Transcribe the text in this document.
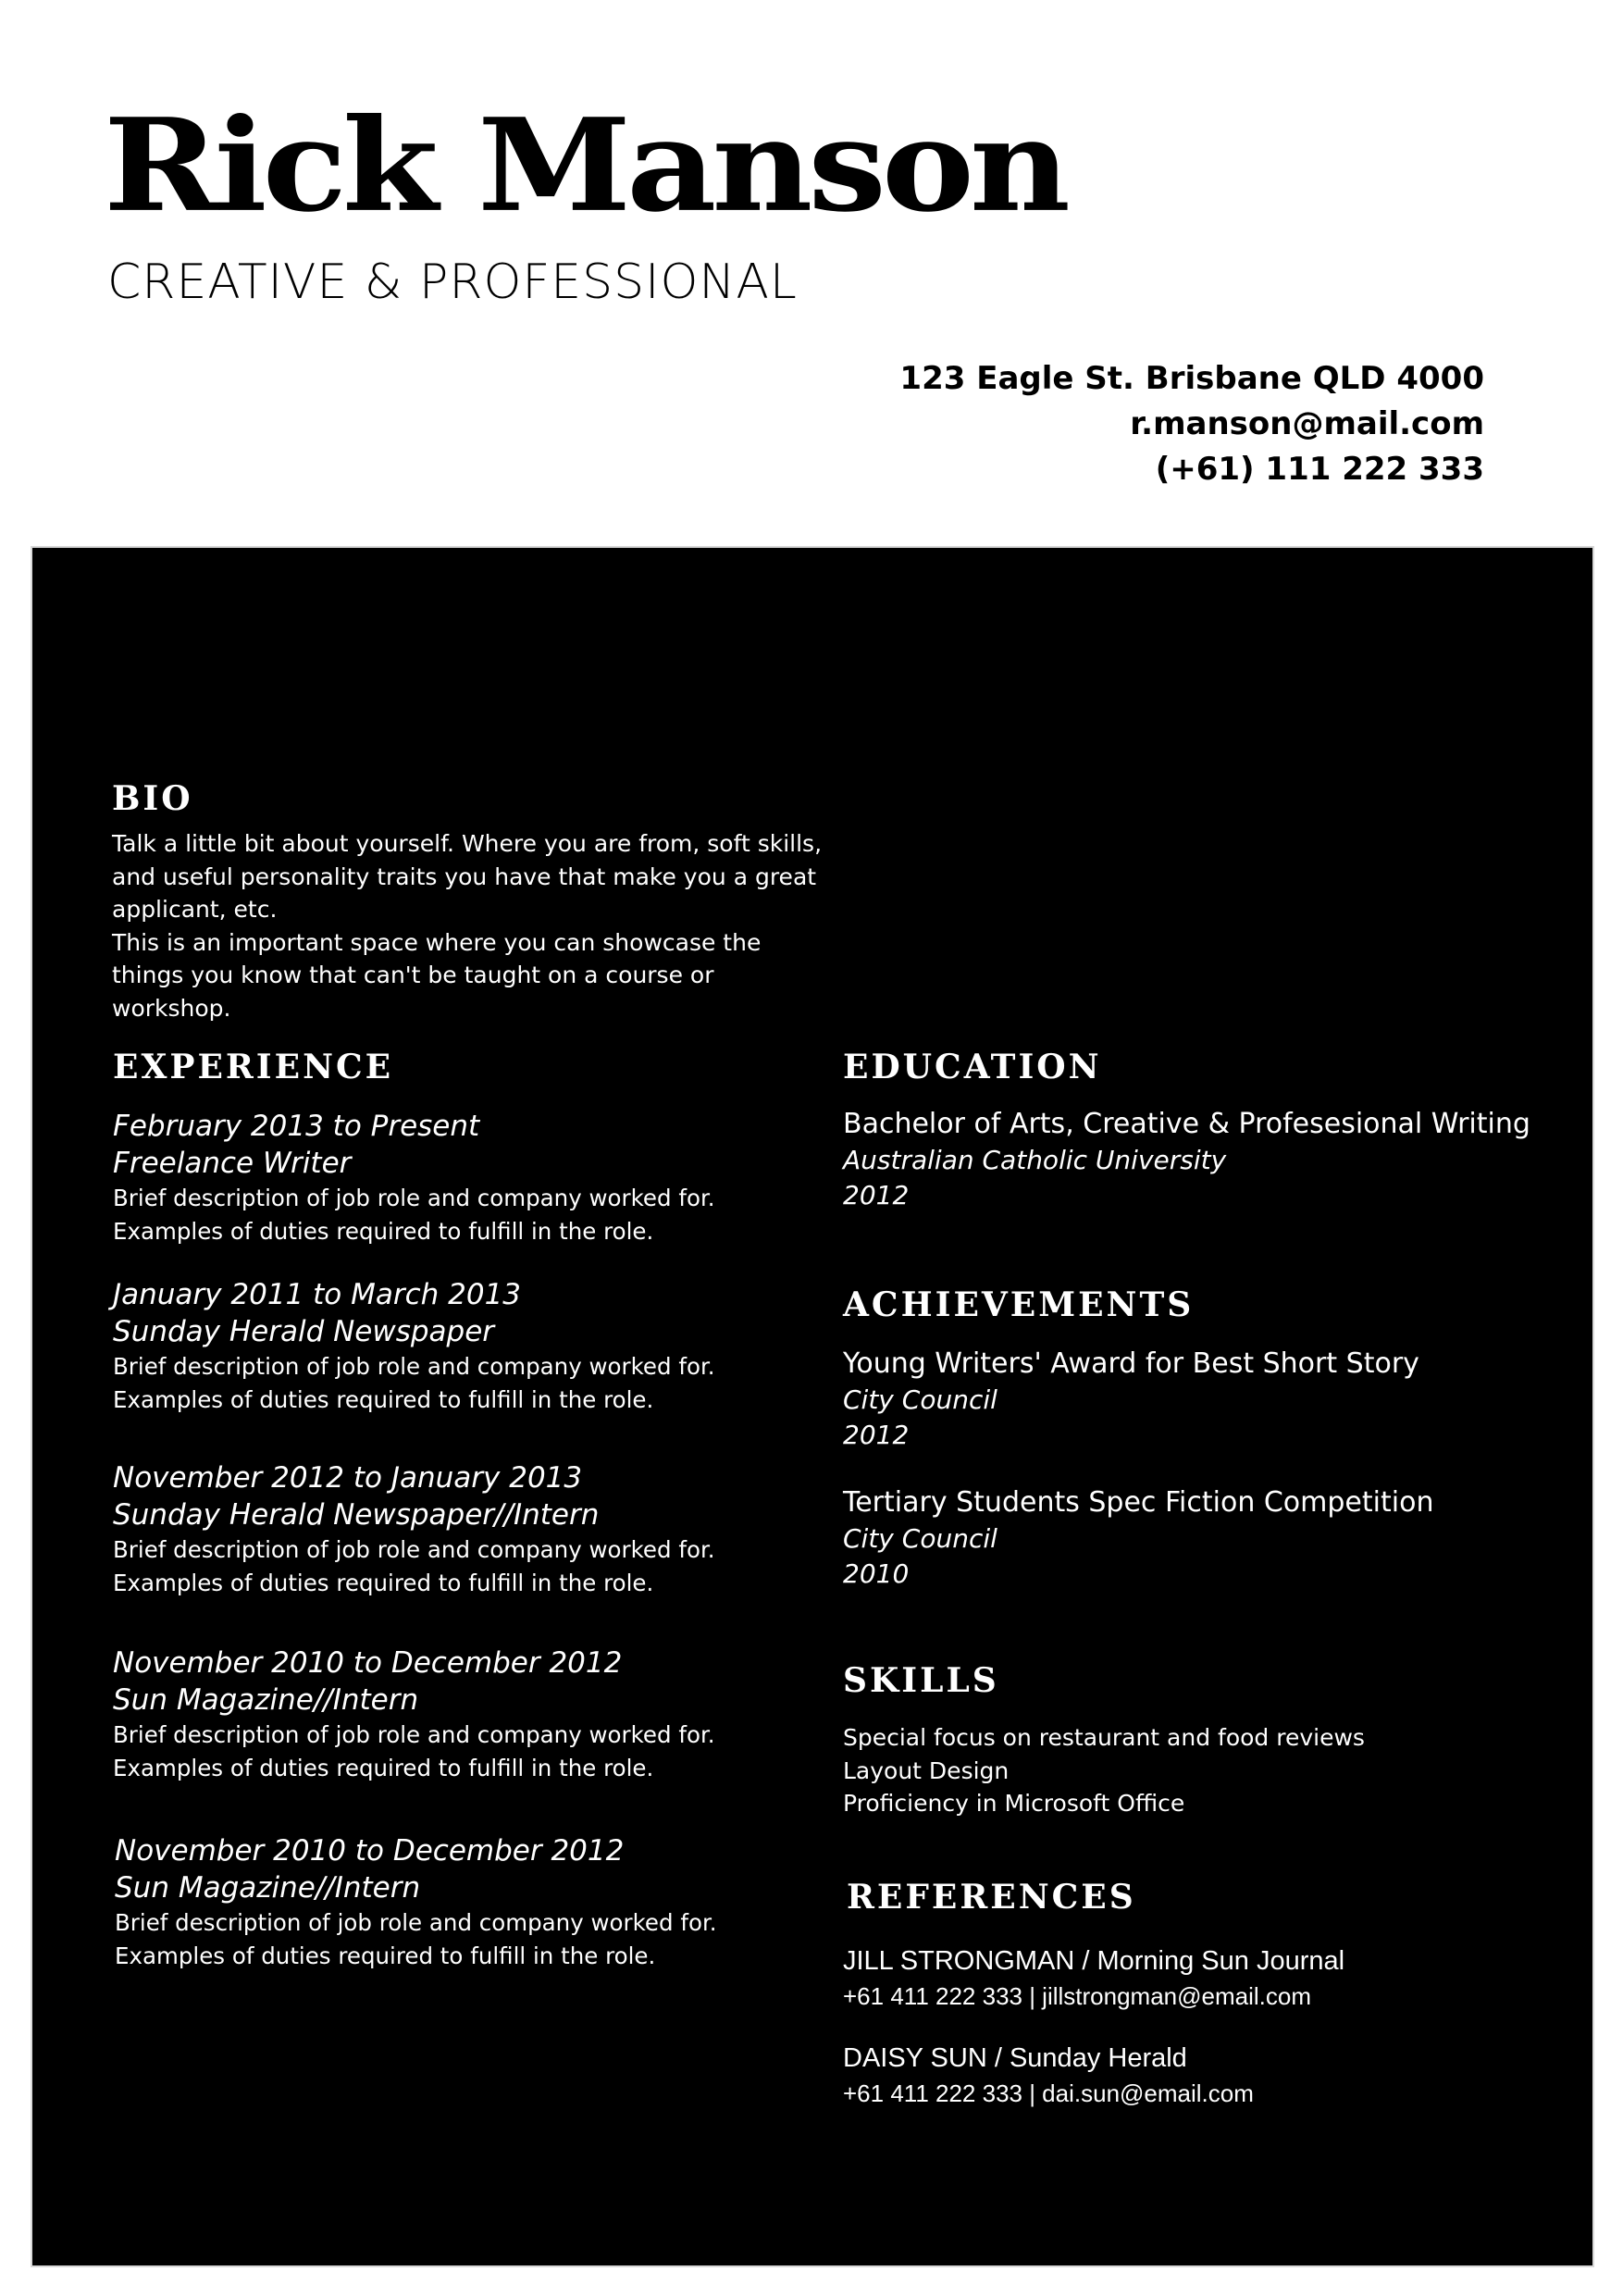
Rick Manson
CREATIVE & PROFESSIONAL
123 Eagle St. Brisbane QLD 4000
r.manson@mail.com
(+61) 111 222 333
BIO
Talk a little bit about yourself. Where you are from, soft skills,
and useful personality traits you have that make you a great
applicant, etc.
This is an important space where you can showcase the
things you know that can't be taught on a course or
workshop.
EXPERIENCE
February 2013 to Present
Freelance Writer
Brief description of job role and company worked for.
Examples of duties required to fulfill in the role.
January 2011 to March 2013
Sunday Herald Newspaper
Brief description of job role and company worked for.
Examples of duties required to fulfill in the role.
November 2012 to January 2013
Sunday Herald Newspaper//Intern
Brief description of job role and company worked for.
Examples of duties required to fulfill in the role.
November 2010 to December 2012
Sun Magazine//Intern
Brief description of job role and company worked for.
Examples of duties required to fulfill in the role.
November 2010 to December 2012
Sun Magazine//Intern
Brief description of job role and company worked for.
Examples of duties required to fulfill in the role.
EDUCATION
Bachelor of Arts, Creative & Profesesional Writing
Australian Catholic University
2012
ACHIEVEMENTS
Young Writers' Award for Best Short Story
City Council
2012
Tertiary Students Spec Fiction Competition
City Council
2010
SKILLS
Special focus on restaurant and food reviews
Layout Design
Proficiency in Microsoft Office
REFERENCES
JILL STRONGMAN / Morning Sun Journal
+61 411 222 333 | jillstrongman@email.com
DAISY SUN / Sunday Herald
+61 411 222 333 | dai.sun@email.com
